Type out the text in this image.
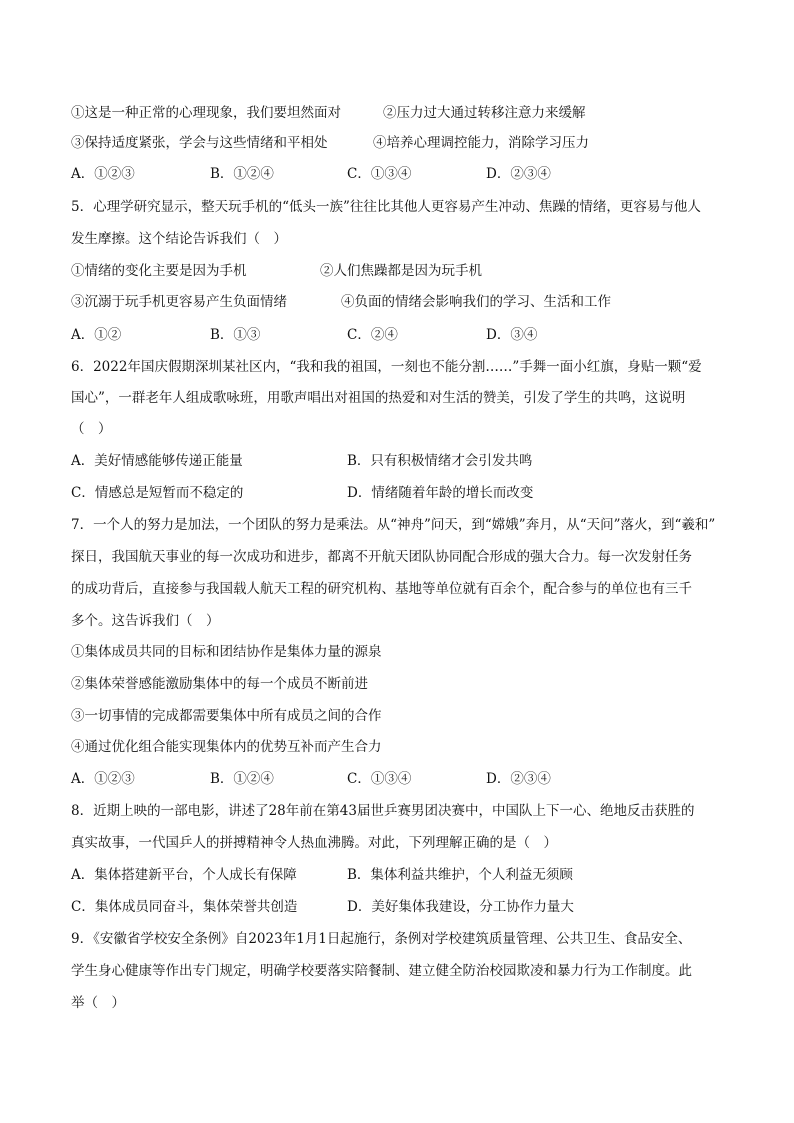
①这是一种正常的心理现象，我们要坦然面对	②压力过大通过转移注意力来缓解
③保持适度紧张，学会与这些情绪和平相处	④培养心理调控能力，消除学习压力
A．①②③	B．①②④	C．①③④	D．②③④
5．心理学研究显示，整天玩手机的“低头一族”往往比其他人更容易产生冲动、焦躁的情绪，更容易与他人
发生摩擦。这个结论告诉我们（　）
①情绪的变化主要是因为手机	②人们焦躁都是因为玩手机
③沉溺于玩手机更容易产生负面情绪	④负面的情绪会影响我们的学习、生活和工作
A．①②	B．①③	C．②④	D．③④
6．2022年国庆假期深圳某社区内，“我和我的祖国，一刻也不能分割……”手舞一面小红旗，身贴一颗“爱
国心”，一群老年人组成歌咏班，用歌声唱出对祖国的热爱和对生活的赞美，引发了学生的共鸣，这说明
（　）
A．美好情感能够传递正能量	B．只有积极情绪才会引发共鸣
C．情感总是短暂而不稳定的	D．情绪随着年龄的增长而改变
7．一个人的努力是加法，一个团队的努力是乘法。从“神舟”问天，到“嫦娥”奔月，从“天问”落火，到“羲和”
探日，我国航天事业的每一次成功和进步，都离不开航天团队协同配合形成的强大合力。每一次发射任务
的成功背后，直接参与我国载人航天工程的研究机构、基地等单位就有百余个，配合参与的单位也有三千
多个。这告诉我们（　）
①集体成员共同的目标和团结协作是集体力量的源泉
②集体荣誉感能激励集体中的每一个成员不断前进
③一切事情的完成都需要集体中所有成员之间的合作
④通过优化组合能实现集体内的优势互补而产生合力
A．①②③	B．①②④	C．①③④	D．②③④
8．近期上映的一部电影，讲述了28年前在第43届世乒赛男团决赛中，中国队上下一心、绝地反击获胜的
真实故事，一代国乒人的拼搏精神令人热血沸腾。对此，下列理解正确的是（　）
A．集体搭建新平台，个人成长有保障	B．集体利益共维护，个人利益无须顾
C．集体成员同奋斗，集体荣誉共创造	D．美好集体我建设，分工协作力量大
9．《安徽省学校安全条例》自2023年1月1日起施行，条例对学校建筑质量管理、公共卫生、食品安全、
学生身心健康等作出专门规定，明确学校要落实陪餐制、建立健全防治校园欺凌和暴力行为工作制度。此
举（　）
